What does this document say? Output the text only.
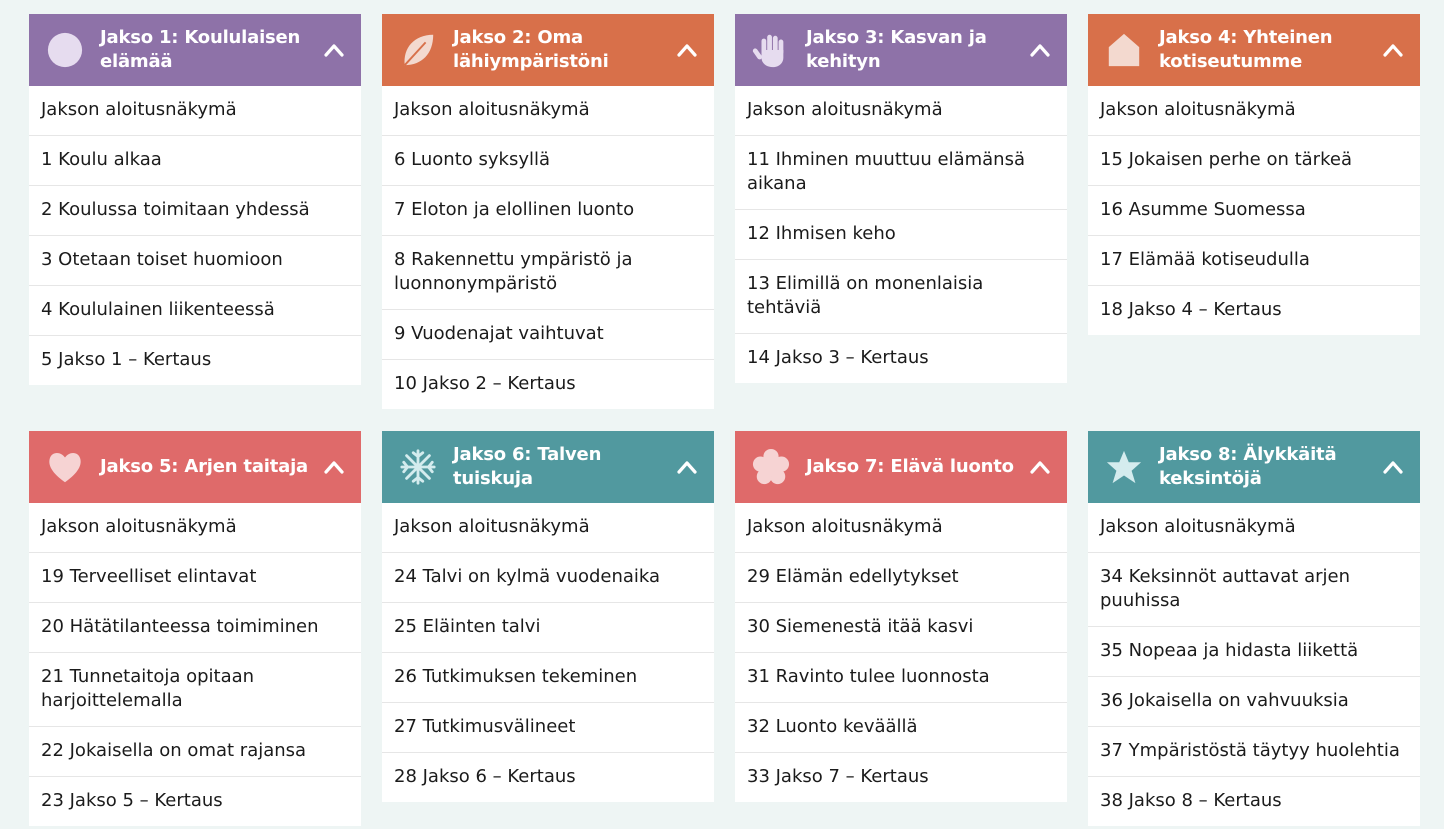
Jakso 1: Koululaisen elämää
Jakson aloitusnäkymä
1 Koulu alkaa
2 Koulussa toimitaan yhdessä
3 Otetaan toiset huomioon
4 Koululainen liikenteessä
5 Jakso 1 – Kertaus
Jakso 2: Oma lähiympäristöni
Jakson aloitusnäkymä
6 Luonto syksyllä
7 Eloton ja elollinen luonto
8 Rakennettu ympäristö ja luonnonympäristö
9 Vuodenajat vaihtuvat
10 Jakso 2 – Kertaus
Jakso 3: Kasvan ja kehityn
Jakson aloitusnäkymä
11 Ihminen muuttuu elämänsä aikana
12 Ihmisen keho
13 Elimillä on monenlaisia tehtäviä
14 Jakso 3 – Kertaus
Jakso 4: Yhteinen kotiseutumme
Jakson aloitusnäkymä
15 Jokaisen perhe on tärkeä
16 Asumme Suomessa
17 Elämää kotiseudulla
18 Jakso 4 – Kertaus
Jakso 5: Arjen taitaja
Jakson aloitusnäkymä
19 Terveelliset elintavat
20 Hätätilanteessa toimiminen
21 Tunnetaitoja opitaan harjoittelemalla
22 Jokaisella on omat rajansa
23 Jakso 5 – Kertaus
Jakso 6: Talven tuiskuja
Jakson aloitusnäkymä
24 Talvi on kylmä vuodenaika
25 Eläinten talvi
26 Tutkimuksen tekeminen
27 Tutkimusvälineet
28 Jakso 6 – Kertaus
Jakso 7: Elävä luonto
Jakson aloitusnäkymä
29 Elämän edellytykset
30 Siemenestä itää kasvi
31 Ravinto tulee luonnosta
32 Luonto keväällä
33 Jakso 7 – Kertaus
Jakso 8: Älykkäitä keksintöjä
Jakson aloitusnäkymä
34 Keksinnöt auttavat arjen puuhissa
35 Nopeaa ja hidasta liikettä
36 Jokaisella on vahvuuksia
37 Ympäristöstä täytyy huolehtia
38 Jakso 8 – Kertaus
